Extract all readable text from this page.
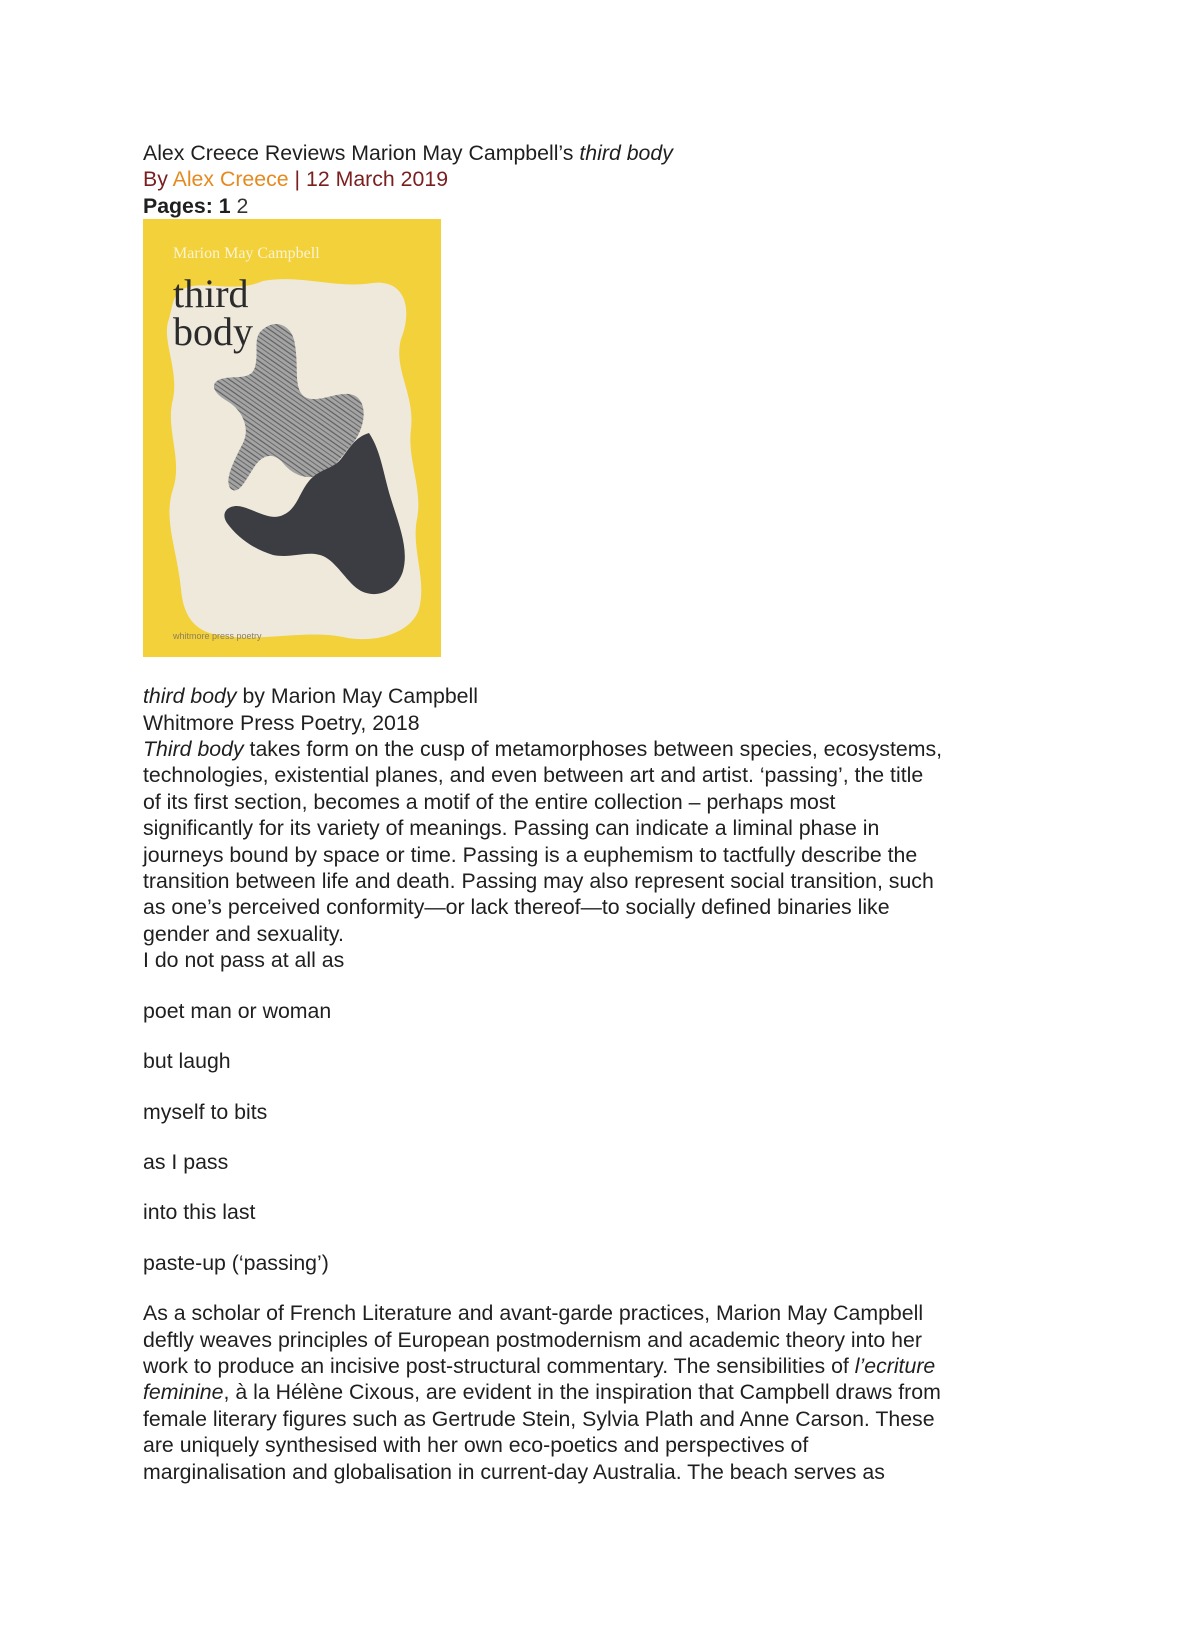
Alex Creece Reviews Marion May Campbell’s third body
By Alex Creece | 12 March 2019
Pages: 1 2
Marion May Campbell
third
body
whitmore press poetry
third body by Marion May Campbell
Whitmore Press Poetry, 2018
Third body takes form on the cusp of metamorphoses between species, ecosystems,
technologies, existential planes, and even between art and artist. ‘passing’, the title
of its first section, becomes a motif of the entire collection – perhaps most
significantly for its variety of meanings. Passing can indicate a liminal phase in
journeys bound by space or time. Passing is a euphemism to tactfully describe the
transition between life and death. Passing may also represent social transition, such
as one’s perceived conformity—or lack thereof—to socially defined binaries like
gender and sexuality.
I do not pass at all as
poet man or woman
but laugh
myself to bits
as I pass
into this last
paste-up (‘passing’)
As a scholar of French Literature and avant-garde practices, Marion May Campbell
deftly weaves principles of European postmodernism and academic theory into her
work to produce an incisive post-structural commentary. The sensibilities of l’ecriture
feminine, à la Hélène Cixous, are evident in the inspiration that Campbell draws from
female literary figures such as Gertrude Stein, Sylvia Plath and Anne Carson. These
are uniquely synthesised with her own eco-poetics and perspectives of
marginalisation and globalisation in current-day Australia. The beach serves as
